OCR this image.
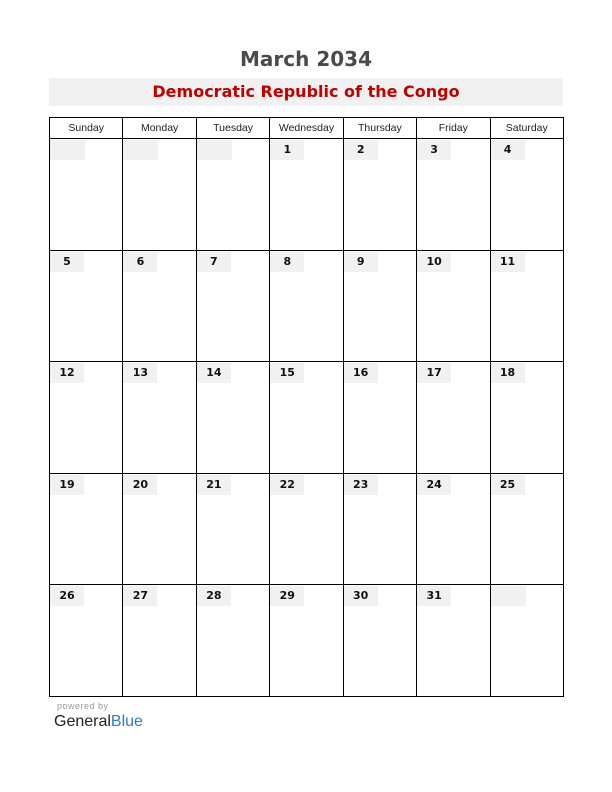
March 2034
Democratic Republic of the Congo
Sunday	Monday	Tuesday	Wednesday	Thursday	Friday	Saturday

			1	2	3	4

5	6	7	8	9	10	11

12	13	14	15	16	17	18

19	20	21	22	23	24	25

26	27	28	29	30	31	

powered by
GeneralBlue
